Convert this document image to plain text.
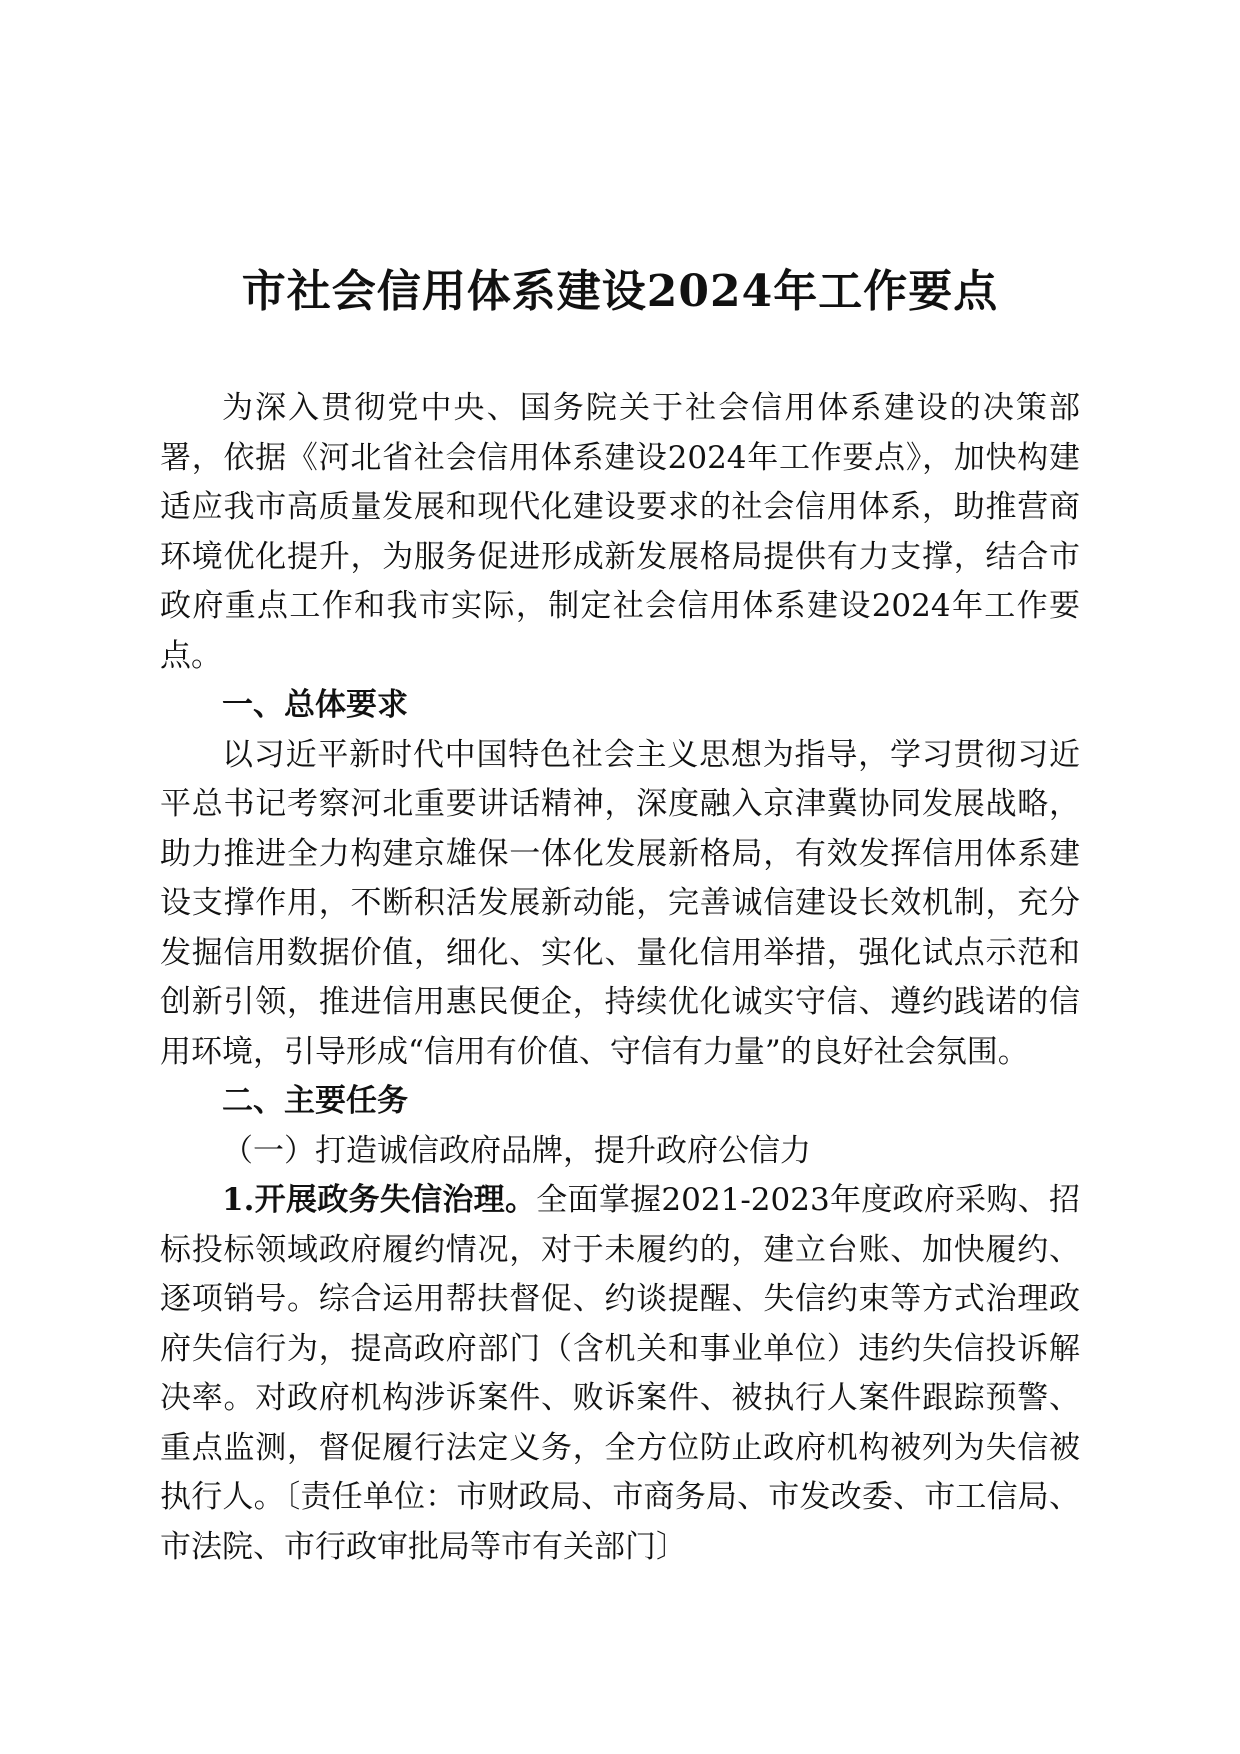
市社会信用体系建设2024年工作要点

为深入贯彻党中央、国务院关于社会信用体系建设的决策部署，依据《河北省社会信用体系建设2024年工作要点》，加快构建适应我市高质量发展和现代化建设要求的社会信用体系，助推营商环境优化提升，为服务促进形成新发展格局提供有力支撑，结合市政府重点工作和我市实际，制定社会信用体系建设2024年工作要点。

一、总体要求

以习近平新时代中国特色社会主义思想为指导，学习贯彻习近平总书记考察河北重要讲话精神，深度融入京津冀协同发展战略，助力推进全力构建京雄保一体化发展新格局，有效发挥信用体系建设支撑作用，不断积活发展新动能，完善诚信建设长效机制，充分发掘信用数据价值，细化、实化、量化信用举措，强化试点示范和创新引领，推进信用惠民便企，持续优化诚实守信、遵约践诺的信用环境，引导形成“信用有价值、守信有力量”的良好社会氛围。

二、主要任务

（一）打造诚信政府品牌，提升政府公信力

1.开展政务失信治理。全面掌握2021-2023年度政府采购、招标投标领域政府履约情况，对于未履约的，建立台账、加快履约、逐项销号。综合运用帮扶督促、约谈提醒、失信约束等方式治理政府失信行为，提高政府部门（含机关和事业单位）违约失信投诉解决率。对政府机构涉诉案件、败诉案件、被执行人案件跟踪预警、重点监测，督促履行法定义务，全方位防止政府机构被列为失信被执行人。〔责任单位：市财政局、市商务局、市发改委、市工信局、市法院、市行政审批局等市有关部门〕
